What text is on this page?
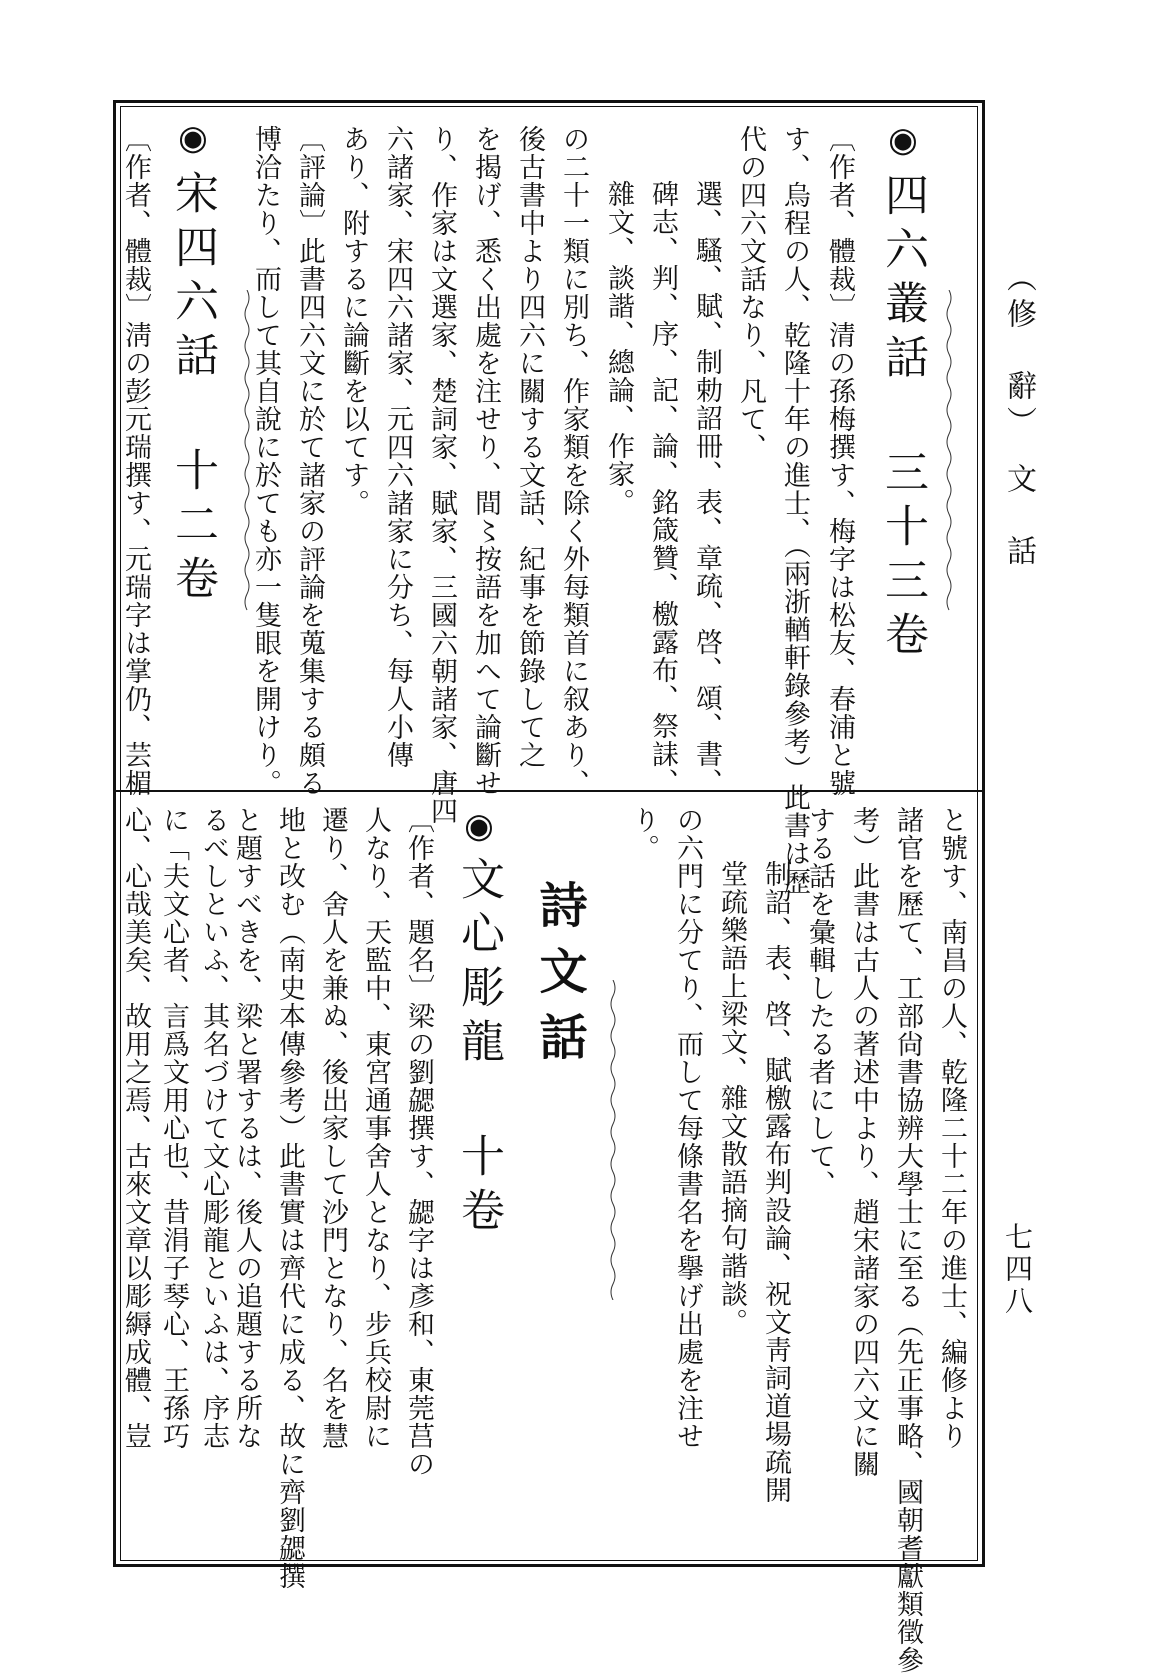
（修　辭）　文　話
七四八
◉
四六叢話 三十三卷
〔作者、體裁〕清の孫梅撰す、梅字は松友、春浦と號
す、烏程の人、乾隆十年の進士、（兩浙輶軒錄參考）此書は歷
代の四六文話なり、凡て、
選、騷、賦、制勅詔冊、表、章疏、啓、頌、書、
碑志、判、序、記、論、銘箴贊、檄露布、祭誄、
雜文、談諧、總論、作家。
の二十一類に別ち、作家類を除く外每類首に叙あり、
後古書中より四六に關する文話、紀事を節錄して之
を揭げ、悉く出處を注せり、間〻按語を加へて論斷せ
り、作家は文選家、楚詞家、賦家、三國六朝諸家、唐四
六諸家、宋四六諸家、元四六諸家に分ち、每人小傳
あり、附するに論斷を以てす。
〔評論〕此書四六文に於て諸家の評論を蒐集する頗る
博洽たり、而して其自說に於ても亦一隻眼を開けり。
◉
宋四六話 十二卷
〔作者、體裁〕淸の彭元瑞撰す、元瑞字は掌仍、芸楣
と號す、南昌の人、乾隆二十二年の進士、編修より
諸官を歷て、工部尙書協辨大學士に至る（先正事略、國朝耆獻類徵參
考）此書は古人の著述中より、趙宋諸家の四六文に關
する話を彙輯したる者にして、
制詔、表、啓、賦檄露布判設論、祝文靑詞道場疏開
堂疏樂語上梁文、雜文散語摘句諧談。
の六門に分てり、而して每條書名を擧げ出處を注せ
り。
詩文話
◉
文心彫龍 十卷
〔作者、題名〕梁の劉勰撰す、勰字は彥和、東莞莒の
人なり、天監中、東宮通事舍人となり、步兵校尉に
遷り、舍人を兼ぬ、後出家して沙門となり、名を慧
地と改む（南史本傳參考）此書實は齊代に成る、故に齊劉勰撰
と題すべきを、梁と署するは、後人の追題する所な
るべしといふ、其名づけて文心彫龍といふは、序志
に「夫文心者、言爲文用心也、昔涓子琴心、王孫巧
心、心哉美矣、故用之焉、古來文章以彫縟成體、豈
